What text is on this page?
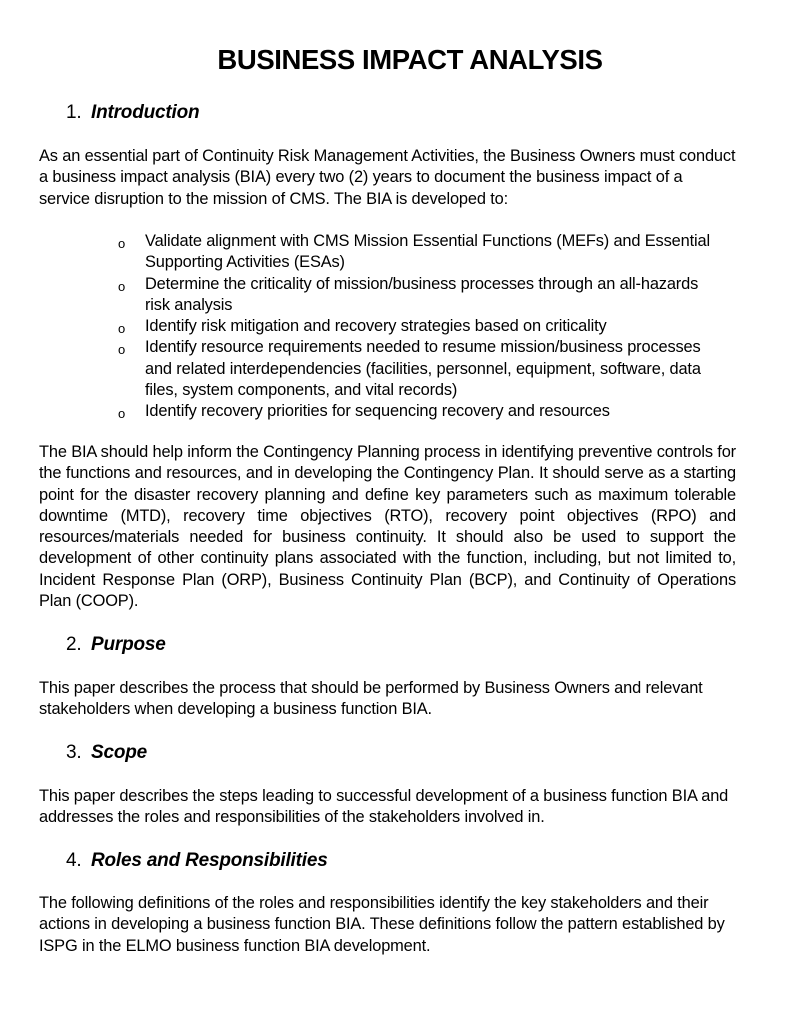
BUSINESS IMPACT ANALYSIS
1. Introduction

As an essential part of Continuity Risk Management Activities, the Business Owners must conduct a business impact analysis (BIA) every two (2) years to document the business impact of a service disruption to the mission of CMS. The BIA is developed to:

o Validate alignment with CMS Mission Essential Functions (MEFs) and Essential Supporting Activities (ESAs)
o Determine the criticality of mission/business processes through an all-hazards risk analysis
o Identify risk mitigation and recovery strategies based on criticality
o Identify resource requirements needed to resume mission/business processes and related interdependencies (facilities, personnel, equipment, software, data files, system components, and vital records)
o Identify recovery priorities for sequencing recovery and resources

The BIA should help inform the Contingency Planning process in identifying preventive controls for the functions and resources, and in developing the Contingency Plan. It should serve as a starting point for the disaster recovery planning and define key parameters such as maximum tolerable downtime (MTD), recovery time objectives (RTO), recovery point objectives (RPO) and resources/materials needed for business continuity. It should also be used to support the development of other continuity plans associated with the function, including, but not limited to, Incident Response Plan (ORP), Business Continuity Plan (BCP), and Continuity of Operations Plan (COOP).

2. Purpose

This paper describes the process that should be performed by Business Owners and relevant stakeholders when developing a business function BIA.

3. Scope

This paper describes the steps leading to successful development of a business function BIA and addresses the roles and responsibilities of the stakeholders involved in.

4. Roles and Responsibilities

The following definitions of the roles and responsibilities identify the key stakeholders and their actions in developing a business function BIA. These definitions follow the pattern established by ISPG in the ELMO business function BIA development.
